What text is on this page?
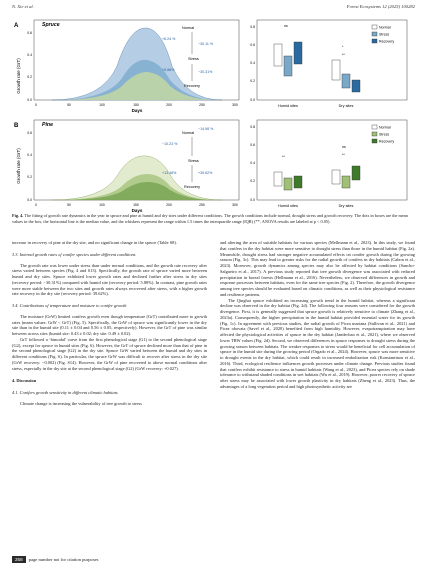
N. Xie et al.	Forest Ecosystems 12 (2025) 100282
A
Growth rate (GrT)
Spruce	Normal
Stress
Recovery
+6.24 %
+5.88%
−30.11 %
−30.31%
0.6
0.4
0.2
0.0
0	50	100	150	200	250	300
Days
0.8
0.6
0.4
0.2
0.0
ns
*
**
Humid sites	Dry sites
Normal
Stress
Recovery
B
Growth rate (GrT)
Pine
Normal
Stress
Recovery
−10.23 %
+13.48%
−14.98 %
+39.62%
0.6
0.4
0.2
0.0
0	50	100	150	200	250	300
Days
0.8
0.6
0.4
0.2
0.0
**
ns
**
Humid sites	Dry sites
Normal
Stress
Recovery
Fig. 4. The fitting of growth rate dynamics in the year in spruce and pine at humid and dry sites under different conditions. The growth conditions include normal, drought stress and growth recovery. The dots in boxes are the mean values in the box, the horizontal line is the median value, and the whiskers represent the range within 1.5 times the interquartile range (IQR) (**, ANOVA results are labeled at p < 0.05).

increase in recovery of pine at the dry site, and no significant change in the spruce (Table S8).

3.3. Internal growth rates of conifer species under different conditions

The growth rate was lower under stress than under normal conditions, and the growth rate recovery after stress varied between species (Fig. 4 and S13). Specifically, the growth rate of spruce varied more between humid and dry sites. Spruce exhibited lower growth rates and declined further after stress in dry sites (recovery period: −30.31%) compared with humid site (recovery period: 5.88%). In contrast, pine growth rates were more stable between the two sites and growth rates always recovered after stress, with a higher growth rate recovery in the dry site (recovery period: 39.62%).

3.4. Contributions of temperature and moisture to conifer growth

The moisture (GrW) limited conifers growth even though temperature (GrT) contributed more to growth rates (mean values: GrW < GrT) (Fig. 5). Specifically, the GrW of spruce was significantly lower in the dry site than in the humid site (0.11 ± 0.04 and 0.56 ± 0.05, respectively). However, the GrT of pine was similar between across sites (humid site: 0.43 ± 0.02; dry site: 0.49 ± 0.02).

GrT followed a ‘bimodal’ curve from the first phenological stage (G1) to the second phenological stage (G2), except for spruce in humid sites (Fig. 6). However, the GrT of spruce declined more than that of pine in the second phenological stage (G2) in the dry site. Spruce GrW varied between the humid and dry sites in different conditions (Fig. 6). In particular, the spruce GrW was difficult to recover after stress in the dry site (GrW recovery: −0.002) (Fig. S14). However, the GrW of pine recovered to above normal conditions after stress, especially in the dry site at the second phenological stage (G2) (GrW recovery: +0.027).

4. Discussion

4.1. Conifers growth sensitivity in different climatic habitats

Climate change is increasing the vulnerability of tree growth to stress

and altering the area of suitable habitats for various species (Mellmann et al., 2023). In this study, we found that conifers in the dry habitat were more sensitive to drought stress than those in the humid habitat (Fig. 2a). Meanwhile, drought stress had stronger negative accumulated effects on conifer growth during the growing season (Fig. 3c). This may lead to greater risks for the radial growth of conifers in dry habitats (Cabon et al., 2023). Moreover, growth dynamics among species may also be affected by habitat conditions (Sancho-Salgueiro et al., 2017). A previous study reported that tree growth divergence was associated with reduced precipitation in boreal forests (Hellmann et al., 2016). Nevertheless, we observed differences in growth and response processes between habitats, even for the same tree species (Fig. 2). Therefore, the growth divergence among tree species should be evaluated based on climatic conditions, as well as their physiological resistance and resilience patterns.

The Qinghai spruce exhibited an increasing growth trend in the humid habitat, whereas a significant decline was observed in the dry habitat (Fig. 2d). The following four reasons were considered for the growth divergence. First, it is generally suggested that spruce growth is relatively sensitive to climate (Zhang et al., 2023a). Consequently, the higher precipitation in the humid habitat provided essential water for its growth (Fig. 1c). In agreement with previous studies, the radial growth of Picea mariana (Sullivan et al., 2021) and Picea obovata (Savel et al., 2020) benefited from high humidity. However, evapotranspiration may have affected the physiological activities of spruce in the dry habitat (Jandechao et al., 2021), where we observed lower TRW values (Fig. 2d). Second, we observed differences in spruce responses to drought stress during the growing season between habitats. The weaker responses to stress would be beneficial for cell accumulation of spruce in the humid site during the growing period (Orgado et al., 2024). However, spruce was more sensitive to drought events in the dry habitat, which could result in increased embolization risk (Konstantinou et al., 2016). Third, ecological resilience influences growth processes under climate change. Previous studies found that conifers exhibit resistance to stress in humid habitats (Wang et al., 2023), and Picea species rely on shade tolerance to withstand shaded conditions in wet habitats (Wu et al., 2019). However, poorer recovery of spruce after stress may be associated with lower growth plasticity in dry habitats (Zheng et al., 2023). Thus, the advantages of a long vegetation period and high photosynthetic activity are

258	page number not for citation purposes
